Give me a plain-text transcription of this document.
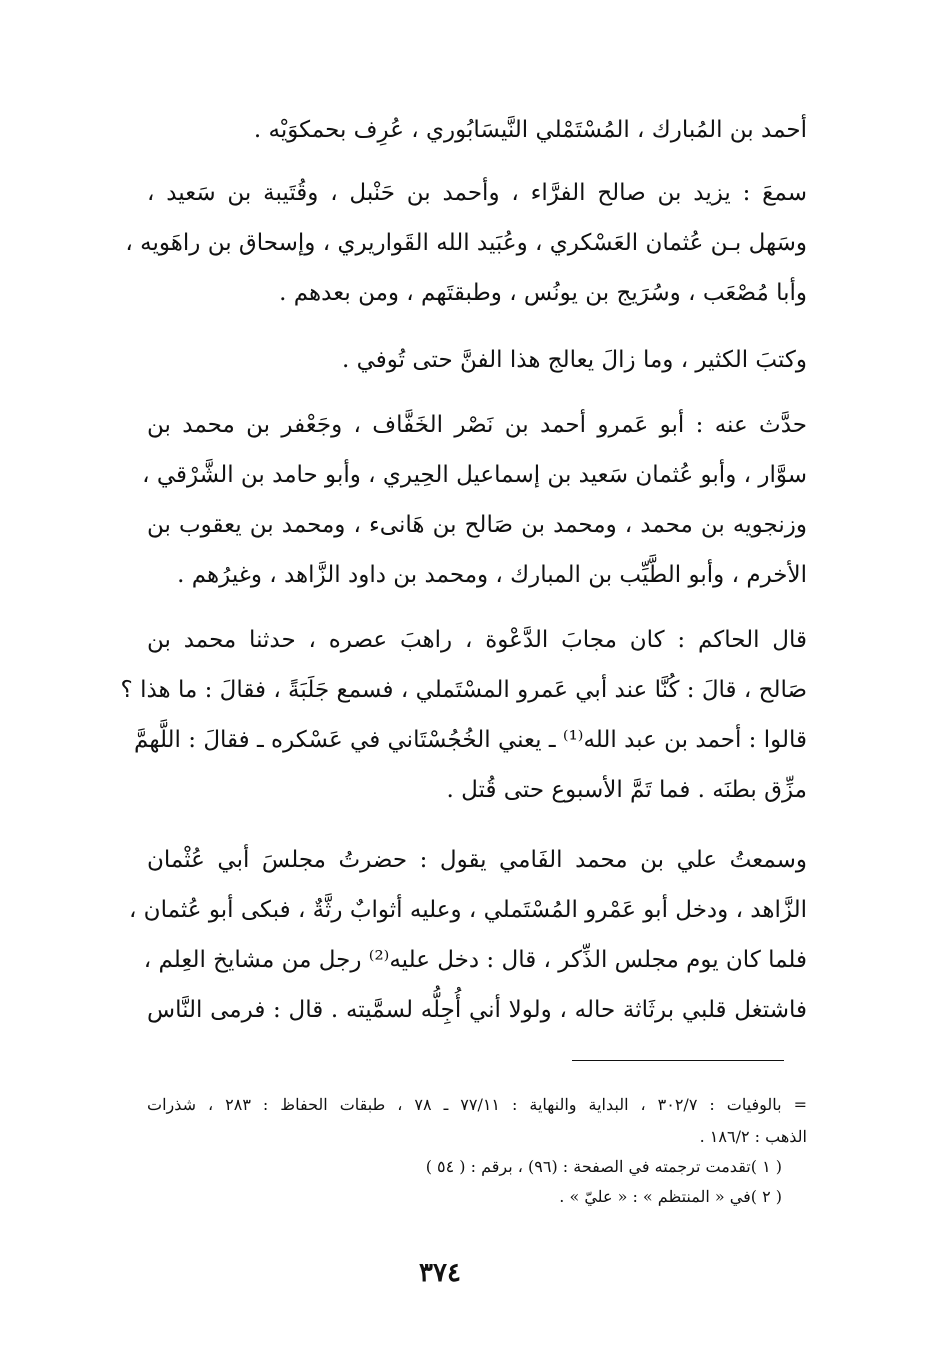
أحمد بن المُبارك ، المُسْتَمْلي النَّيسَابُوري ، عُرِف بحمكوَيْه .
سمعَ : يزيد بن صالح الفرَّاء ، وأحمد بن حَنْبل ، وقُتَيبة بن سَعيد ،
وسَهل بـن عُثمان العَسْكري ، وعُبَيد الله القَواريري ، وإسحاق بن راهَويه ،
وأبا مُصْعَب ، وسُرَيج بن يونُس ، وطبقتَهم ، ومن بعدهم .
وكتبَ الكثير ، وما زالَ يعالج هذا الفنَّ حتى تُوفي .
حدَّث عنه : أبو عَمرو أحمد بن نَصْر الخَفَّاف ، وجَعْفر بن محمد بن
سوَّار ، وأبو عُثمان سَعيد بن إسماعيل الحِيري ، وأبو حامد بن الشَّرْقي ،
وزنجويه بن محمد ، ومحمد بن صَالح بن هَانىء ، ومحمد بن يعقوب بن
الأخرم ، وأبو الطَّيِّب بن المبارك ، ومحمد بن داود الزَّاهد ، وغيرُهم .
قال الحاكم : كان مجابَ الدَّعْوة ، راهبَ عصره ، حدثنا محمد بن
صَالح ، قالَ : كُنَّا عند أبي عَمرو المسْتَملي ، فسمع جَلَبَةً ، فقالَ : ما هذا ؟
قالوا : أحمد بن عبد الله⁽¹⁾ ـ يعني الخُجُسْتَاني في عَسْكره ـ فقالَ : اللَّهمَّ
مزِّق بطنَه . فما تَمَّ الأسبوع حتى قُتل .
وسمعتُ علي بن محمد الفَامي يقول : حضرتُ مجلسَ أبي عُثْمان
الزَّاهد ، ودخل أبو عَمْرو المُسْتَملي ، وعليه أثوابٌ رثَّةٌ ، فبكى أبو عُثمان ،
فلما كان يوم مجلس الذِّكر ، قال : دخل عليه⁽²⁾ رجل من مشايخ العِلم ،
فاشتغل قلبي برثَاثة حاله ، ولولا أني أُجِلُّه لسمَّيته . قال : فرمى النَّاس
= بالوفيات : ٣٠٢/٧ ، البداية والنهاية : ٧٧/١١ ـ ٧٨ ، طبقات الحفاظ : ٢٨٣ ، شذرات
الذهب : ١٨٦/٢ .
( ١ )تقدمت ترجمته في الصفحة : (٩٦) ، برقم : ( ٥٤ )
( ٢ )في « المنتظم » : « عليّ » .
٣٧٤
